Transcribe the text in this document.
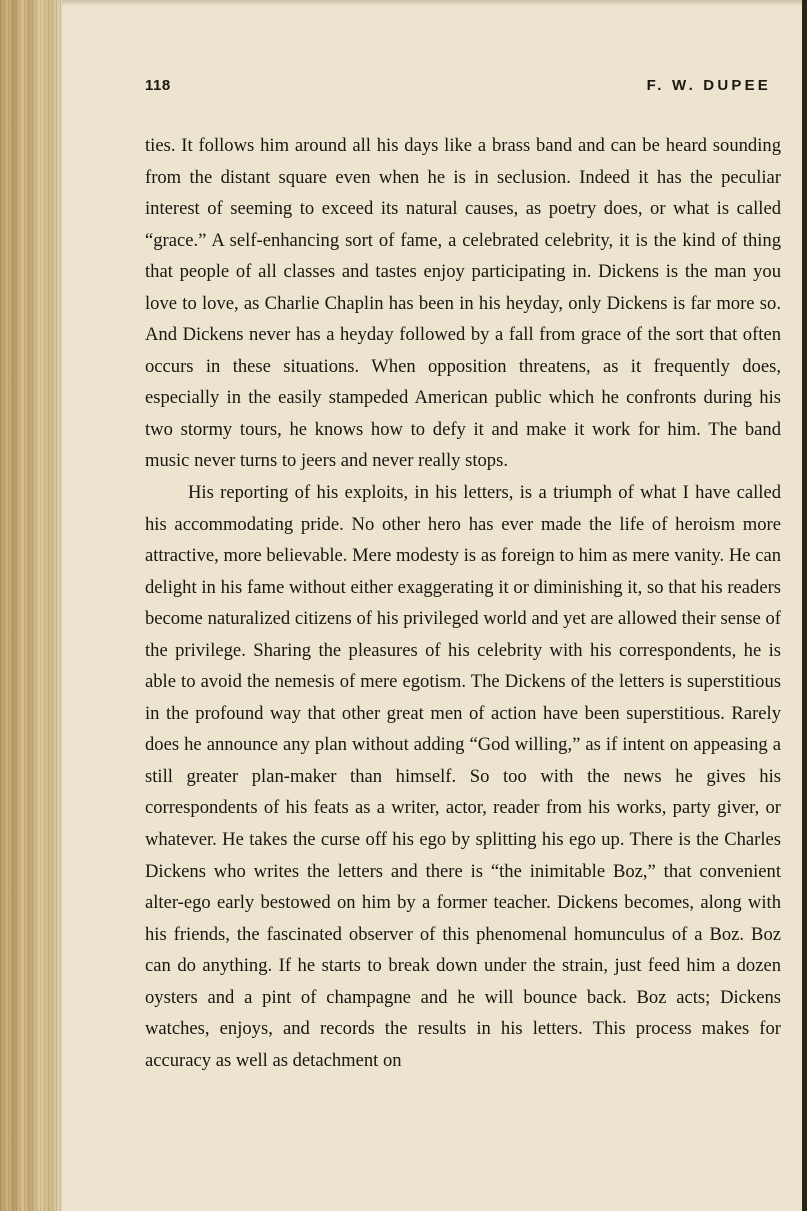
118	F. W. DUPEE

ties. It follows him around all his days like a brass band and can be heard sounding from the distant square even when he is in seclusion. Indeed it has the peculiar interest of seeming to exceed its natural causes, as poetry does, or what is called “grace.” A self-enhancing sort of fame, a celebrated celebrity, it is the kind of thing that people of all classes and tastes enjoy participating in. Dickens is the man you love to love, as Charlie Chaplin has been in his heyday, only Dickens is far more so. And Dickens never has a heyday followed by a fall from grace of the sort that often occurs in these situations. When opposition threatens, as it frequently does, especially in the easily stampeded American public which he confronts during his two stormy tours, he knows how to defy it and make it work for him. The band music never turns to jeers and never really stops.

His reporting of his exploits, in his letters, is a triumph of what I have called his accommodating pride. No other hero has ever made the life of heroism more attractive, more believable. Mere modesty is as foreign to him as mere vanity. He can delight in his fame without either exaggerating it or diminishing it, so that his readers become naturalized citizens of his privileged world and yet are allowed their sense of the privilege. Sharing the pleasures of his celebrity with his correspondents, he is able to avoid the nemesis of mere egotism. The Dickens of the letters is superstitious in the profound way that other great men of action have been superstitious. Rarely does he announce any plan without adding “God willing,” as if intent on appeasing a still greater plan-maker than himself. So too with the news he gives his correspondents of his feats as a writer, actor, reader from his works, party giver, or whatever. He takes the curse off his ego by splitting his ego up. There is the Charles Dickens who writes the letters and there is “the inimitable Boz,” that convenient alter-ego early bestowed on him by a former teacher. Dickens becomes, along with his friends, the fascinated observer of this phenomenal homunculus of a Boz. Boz can do anything. If he starts to break down under the strain, just feed him a dozen oysters and a pint of champagne and he will bounce back. Boz acts; Dickens watches, enjoys, and records the results in his letters. This process makes for accuracy as well as detachment on
